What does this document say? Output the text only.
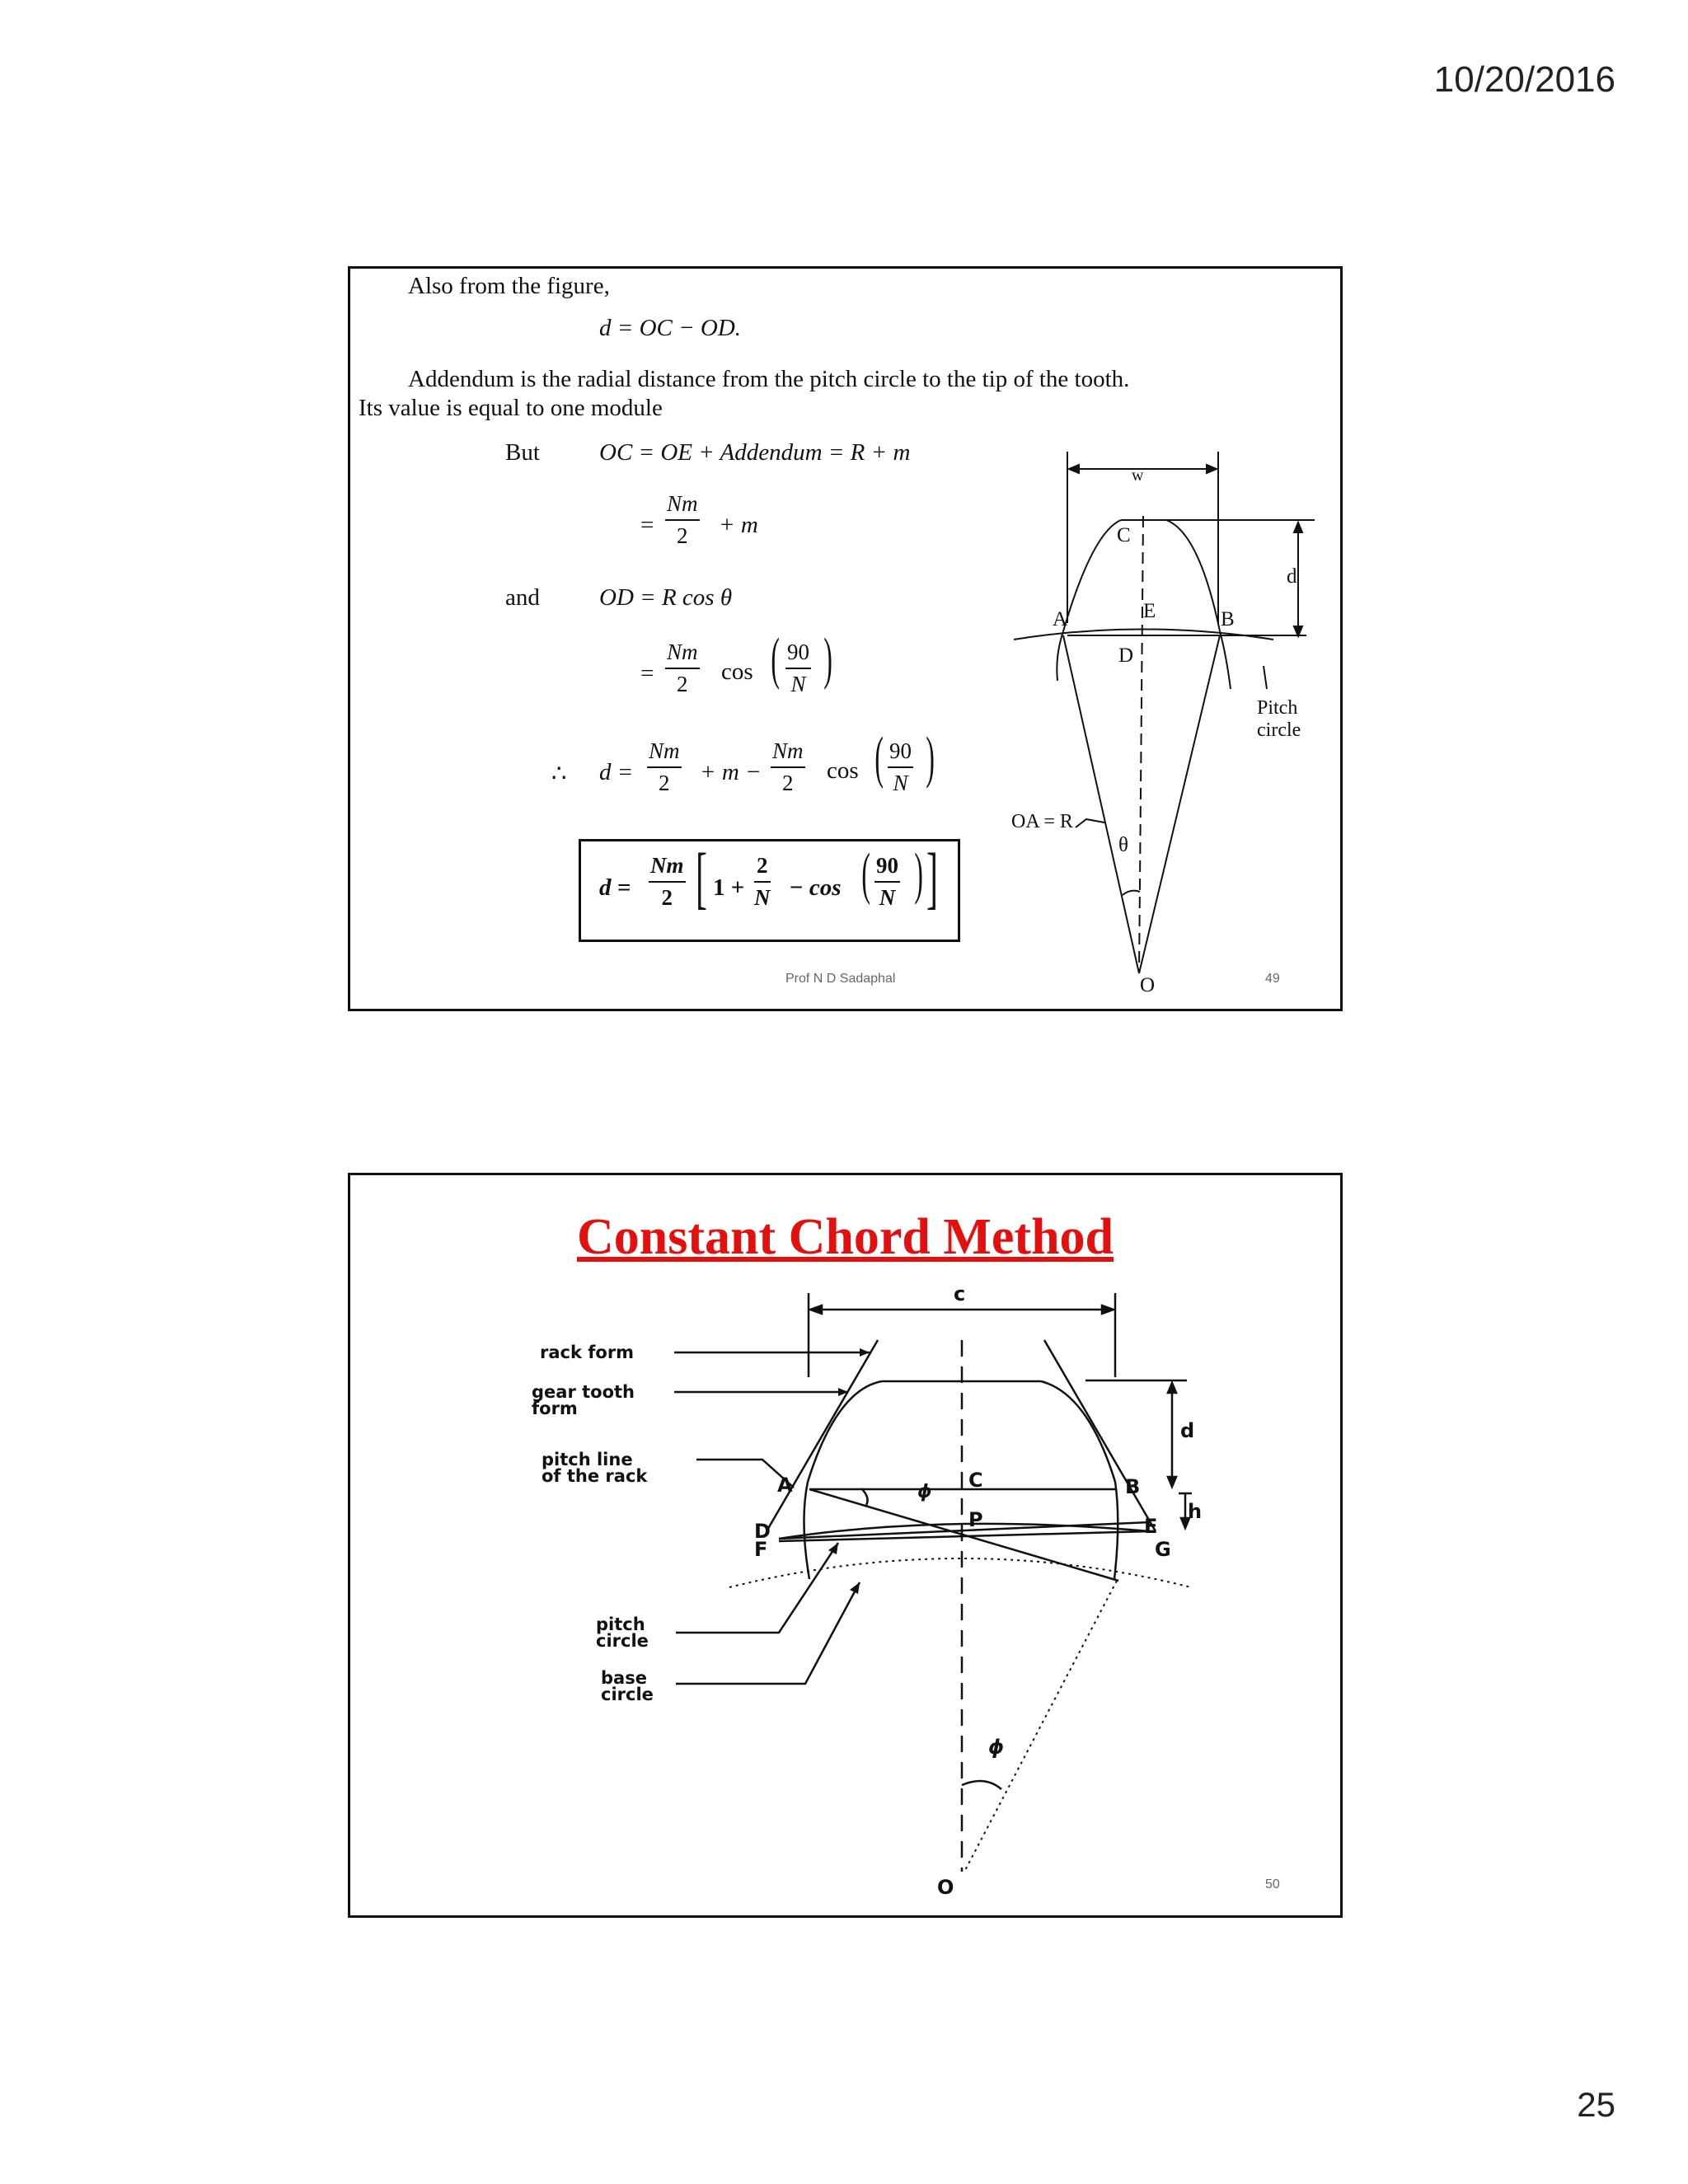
10/20/2016
Also from the figure,
d = OC − OD.
Addendum is the radial distance from the pitch circle to the tip of the tooth.
Its value is equal to one module
But OC = OE + Addendum = R + m
=
Nm
2 + m
and OD = R cos θ
=
Nm
2 cos ( 90
N )
∴ d =
Nm
2 + m −
Nm
2 cos ( 90
N )
d =
Nm
2 [ 1 +
2
N − cos ( 90
N ) ]
w
C
d
A	E	B
D
Pitch circle
OA = R
θ
O
Prof N D Sadaphal	49
Constant Chord Method
rack form
gear tooth
form
pitch line
of the rack
pitch
circle
base
circle
c
d
h
A	C	B
P
D
F
E
G
ϕ
ϕ
O	50
25
